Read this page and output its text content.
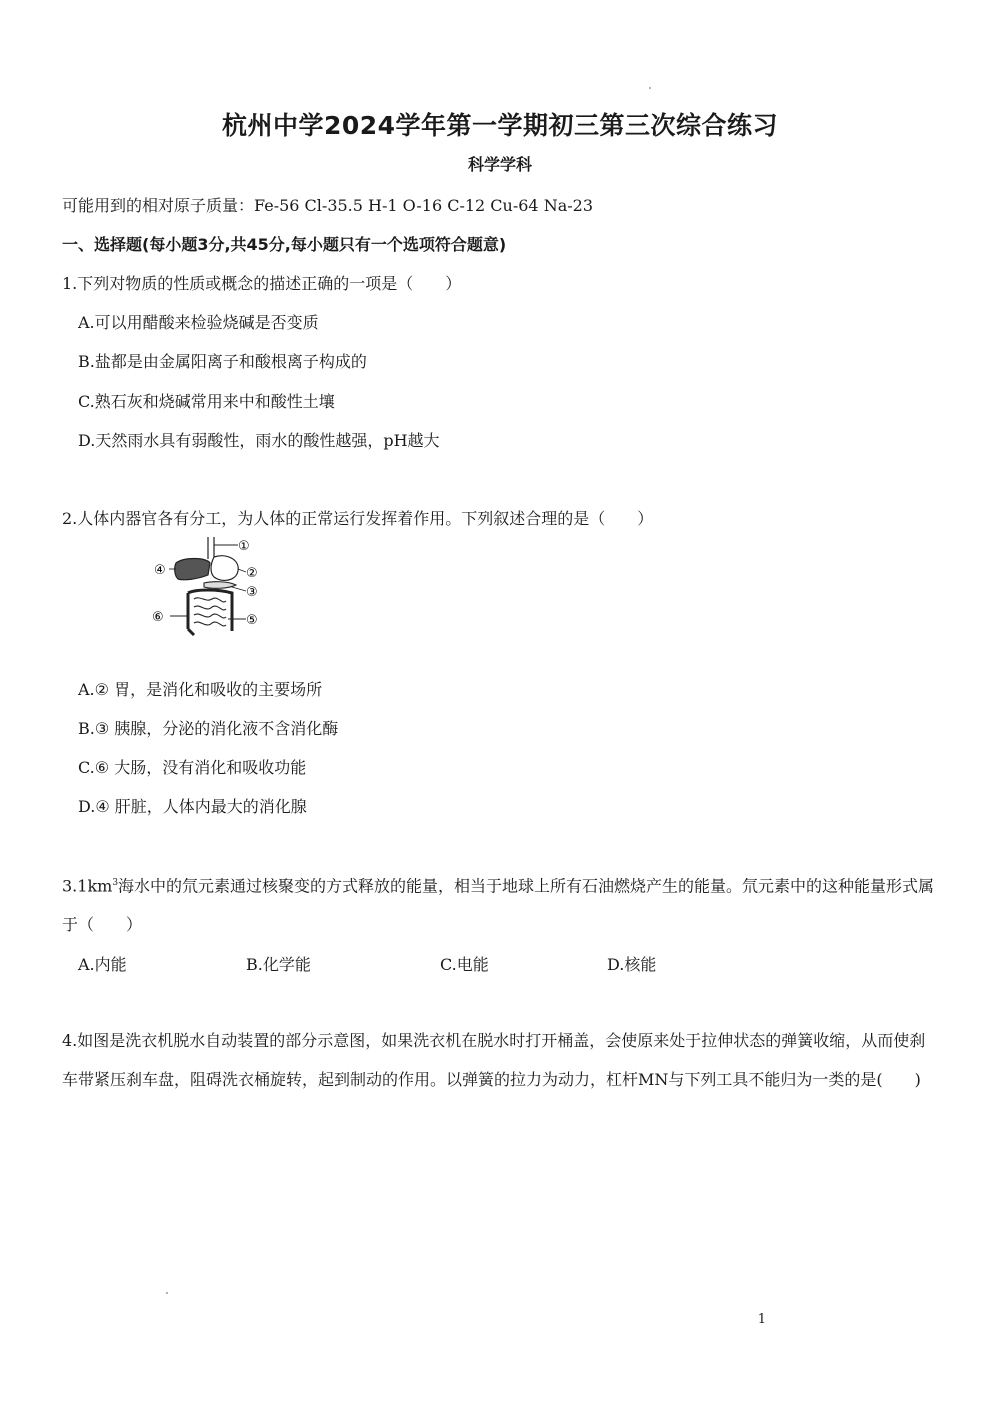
杭州中学2024学年第一学期初三第三次综合练习
科学学科
可能用到的相对原子质量：Fe-56 Cl-35.5 H-1 O-16 C-12 Cu-64 Na-23
一、选择题(每小题3分,共45分,每小题只有一个选项符合题意)
1.下列对物质的性质或概念的描述正确的一项是（　　）
A.可以用醋酸来检验烧碱是否变质
B.盐都是由金属阳离子和酸根离子构成的
C.熟石灰和烧碱常用来中和酸性土壤
D.天然雨水具有弱酸性，雨水的酸性越强，pH越大
2.人体内器官各有分工，为人体的正常运行发挥着作用。下列叙述合理的是（　　）
①
②
③
④
⑤
⑥
A.② 胃，是消化和吸收的主要场所
B.③ 胰腺，分泌的消化液不含消化酶
C.⑥ 大肠，没有消化和吸收功能
D.④ 肝脏，人体内最大的消化腺
$3.1km^3$海水中的氘元素通过核聚变的方式释放的能量，相当于地球上所有石油燃烧产生的能量。氘元素中的这种能量形式属于（　　）
A.内能	B.化学能	C.电能	D.核能
4.如图是洗衣机脱水自动装置的部分示意图，如果洗衣机在脱水时打开桶盖，会使原来处于拉伸状态的弹簧收缩，从而使刹车带紧压刹车盘，阻碍洗衣桶旋转，起到制动的作用。以弹簧的拉力为动力，杠杆MN与下列工具不能归为一类的是(　　)
1
